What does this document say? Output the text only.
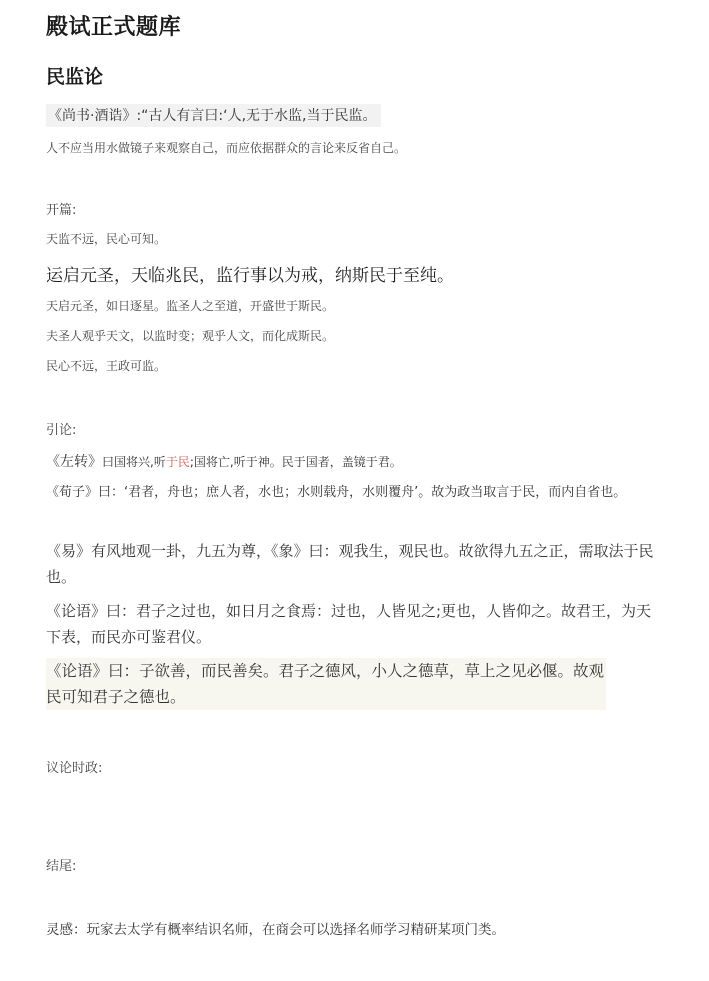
殿试正式题库
民监论
《尚书·酒诰》:“古人有言曰:‘人,无于水监,当于民监。
人不应当用水做镜子来观察自己，而应依据群众的言论来反省自己。
开篇:
天监不远，民心可知。
运启元圣，天临兆民，监行事以为戒，纳斯民于至纯。
天启元圣，如日逐星。监圣人之至道，开盛世于斯民。
夫圣人观乎天文，以监时变；观乎人文，而化成斯民。
民心不远，王政可监。
引论:
《左转》曰国将兴,听于民;国将亡,听于神。民于国者，盖镜于君。
《荀子》曰：‘君者，舟也；庶人者，水也；水则载舟，水则覆舟’。故为政当取言于民，而内自省也。
《易》有风地观一卦，九五为尊，《象》曰：观我生，观民也。故欲得九五之正，需取法于民也。
《论语》曰：君子之过也，如日月之食焉：过也，人皆见之;更也，人皆仰之。故君王，为天下表，而民亦可鉴君仪。
《论语》曰：子欲善，而民善矣。君子之德风，小人之德草，草上之见必偃。故观民可知君子之德也。
议论时政:
结尾:
灵感：玩家去太学有概率结识名师，在商会可以选择名师学习精研某项门类。
